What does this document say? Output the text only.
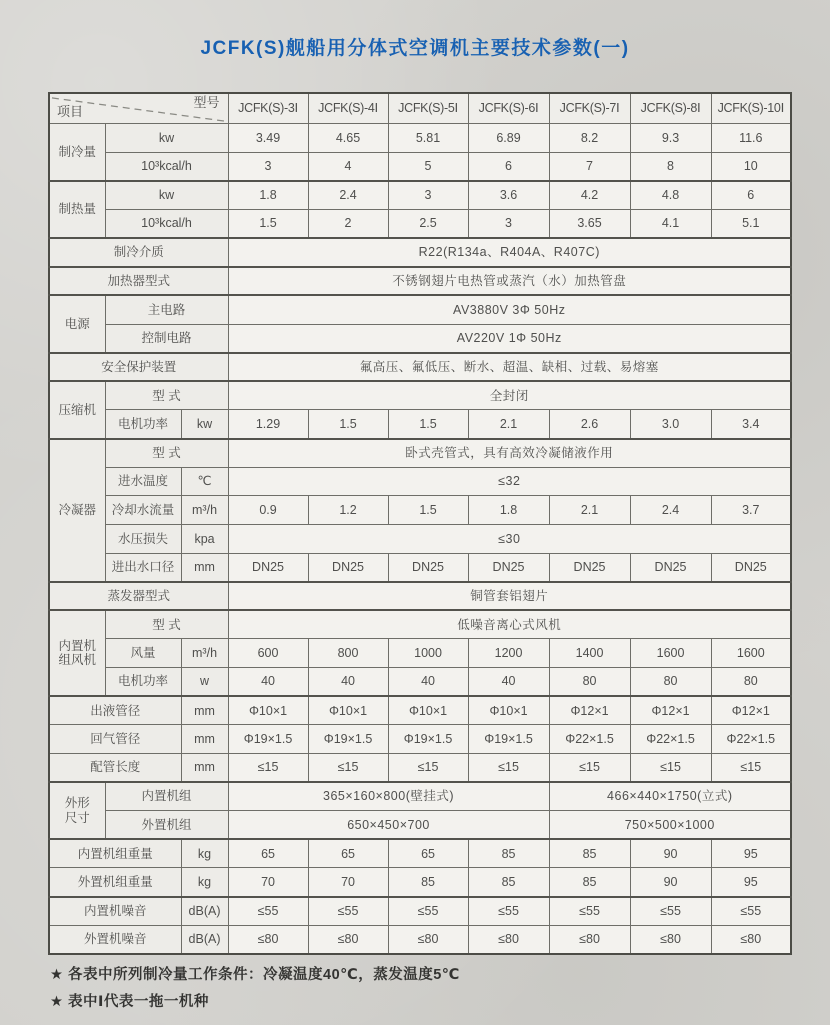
JCFK(S)舰船用分体式空调机主要技术参数(一)
项目
型号			JCFK(S)-3Ⅰ	JCFK(S)-4Ⅰ	JCFK(S)-5Ⅰ	JCFK(S)-6Ⅰ	JCFK(S)-7Ⅰ	JCFK(S)-8Ⅰ	JCFK(S)-10Ⅰ
制冷量	kw		3.49	4.65	5.81	6.89	8.2	9.3	11.6
	10³kcal/h		3	4	5	6	7	8	10
制热量	kw		1.8	2.4	3	3.6	4.2	4.8	6
	10³kcal/h		1.5	2	2.5	3	3.65	4.1	5.1
制冷介质			R22(R134a、R404A、R407C)						
加热器型式			不锈钢翅片电热管或蒸汽（水）加热管盘						
电源	主电路		AV3880V 3Φ 50Hz						
	控制电路		AV220V 1Φ 50Hz						
安全保护装置			氟高压、氟低压、断水、超温、缺相、过载、易熔塞						
压缩机	型 式		全封闭						
	电机功率	kw	1.29	1.5	1.5	2.1	2.6	3.0	3.4
冷凝器	型 式		卧式壳管式，具有高效冷凝储液作用						
	进水温度	℃	≤32						
	冷却水流量	m³/h	0.9	1.2	1.5	1.8	2.1	2.4	3.7
	水压损失	kpa	≤30						
	进出水口径	mm	DN25	DN25	DN25	DN25	DN25	DN25	DN25
蒸发器型式			铜管套铝翅片						

内置机
组风机	型 式		低噪音离心式风机						
	风量	m³/h	600	800	1000	1200	1400	1600	1600
	电机功率	w	40	40	40	40	80	80	80
出液管径		mm	Φ10×1	Φ10×1	Φ10×1	Φ10×1	Φ12×1	Φ12×1	Φ12×1
回气管径		mm	Φ19×1.5	Φ19×1.5	Φ19×1.5	Φ19×1.5	Φ22×1.5	Φ22×1.5	Φ22×1.5
配管长度		mm	≤15	≤15	≤15	≤15	≤15	≤15	≤15

外形
尺寸	内置机组		365×160×800(壁挂式)				466×440×1750(立式)		
	外置机组		650×450×700				750×500×1000		
内置机组重量		kg	65	65	65	85	85	90	95
外置机组重量		kg	70	70	85	85	85	90	95
内置机噪音		dB(A)	≤55	≤55	≤55	≤55	≤55	≤55	≤55
外置机噪音		dB(A)	≤80	≤80	≤80	≤80	≤80	≤80	≤80
★ 各表中所列制冷量工作条件：冷凝温度40℃，蒸发温度5℃
★ 表中Ⅰ代表一拖一机种
